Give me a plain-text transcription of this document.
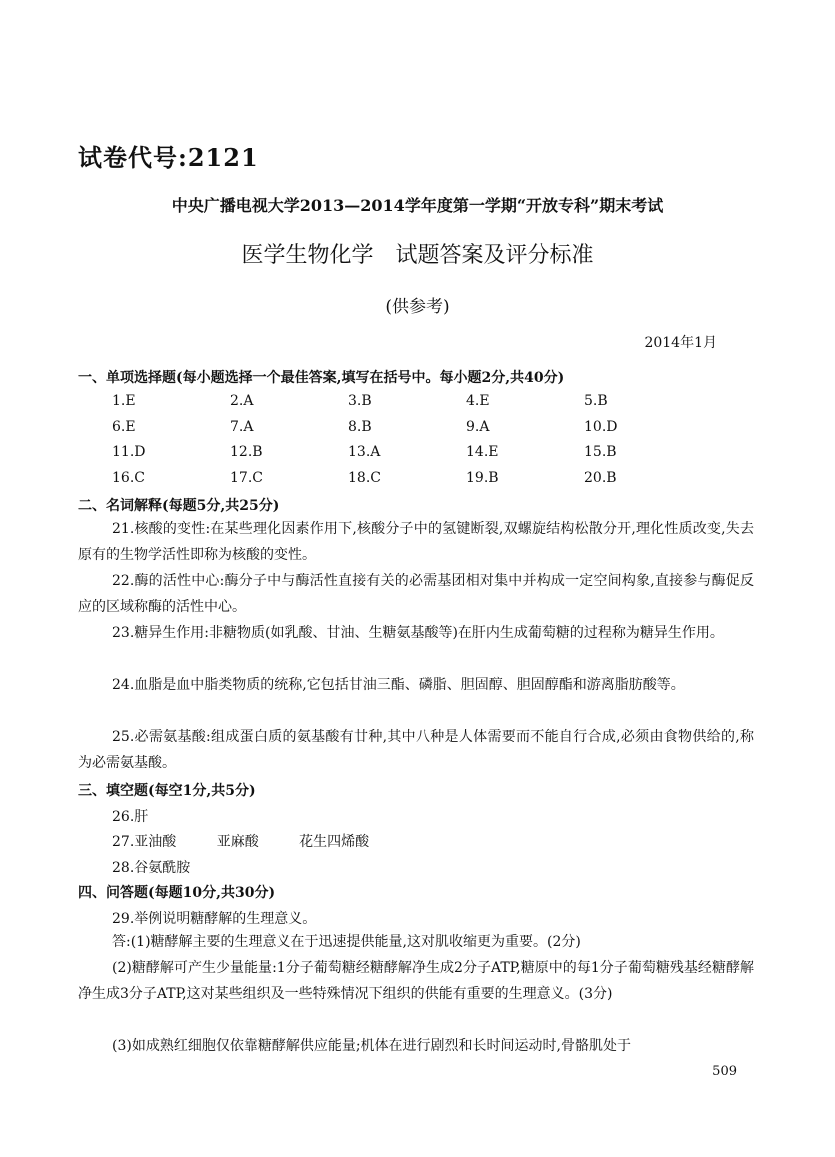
试卷代号:2121
中央广播电视大学2013—2014学年度第一学期“开放专科”期末考试
医学生物化学　试题答案及评分标准
(供参考)
2014年1月
一、单项选择题(每小题选择一个最佳答案,填写在括号中。每小题2分,共40分)
1.E	2.A	3.B	4.E	5.B
6.E	7.A	8.B	9.A	10.D
11.D	12.B	13.A	14.E	15.B
16.C	17.C	18.C	19.B	20.B
二、名词解释(每题5分,共25分)
21.核酸的变性:在某些理化因素作用下,核酸分子中的氢键断裂,双螺旋结构松散分开,理化性质改变,失去原有的生物学活性即称为核酸的变性。
22.酶的活性中心:酶分子中与酶活性直接有关的必需基团相对集中并构成一定空间构象,直接参与酶促反应的区域称酶的活性中心。
23.糖异生作用:非糖物质(如乳酸、甘油、生糖氨基酸等)在肝内生成葡萄糖的过程称为糖异生作用。
24.血脂是血中脂类物质的统称,它包括甘油三酯、磷脂、胆固醇、胆固醇酯和游离脂肪酸等。
25.必需氨基酸:组成蛋白质的氨基酸有廿种,其中八种是人体需要而不能自行合成,必须由食物供给的,称为必需氨基酸。
三、填空题(每空1分,共5分)
26.肝
27.亚油酸	亚麻酸	花生四烯酸
28.谷氨酰胺
四、问答题(每题10分,共30分)
29.举例说明糖酵解的生理意义。
答:(1)糖酵解主要的生理意义在于迅速提供能量,这对肌收缩更为重要。(2分)
(2)糖酵解可产生少量能量:1分子葡萄糖经糖酵解净生成2分子ATP,糖原中的每1分子葡萄糖残基经糖酵解净生成3分子ATP,这对某些组织及一些特殊情况下组织的供能有重要的生理意义。(3分)
(3)如成熟红细胞仅依靠糖酵解供应能量;机体在进行剧烈和长时间运动时,骨骼肌处于
509
